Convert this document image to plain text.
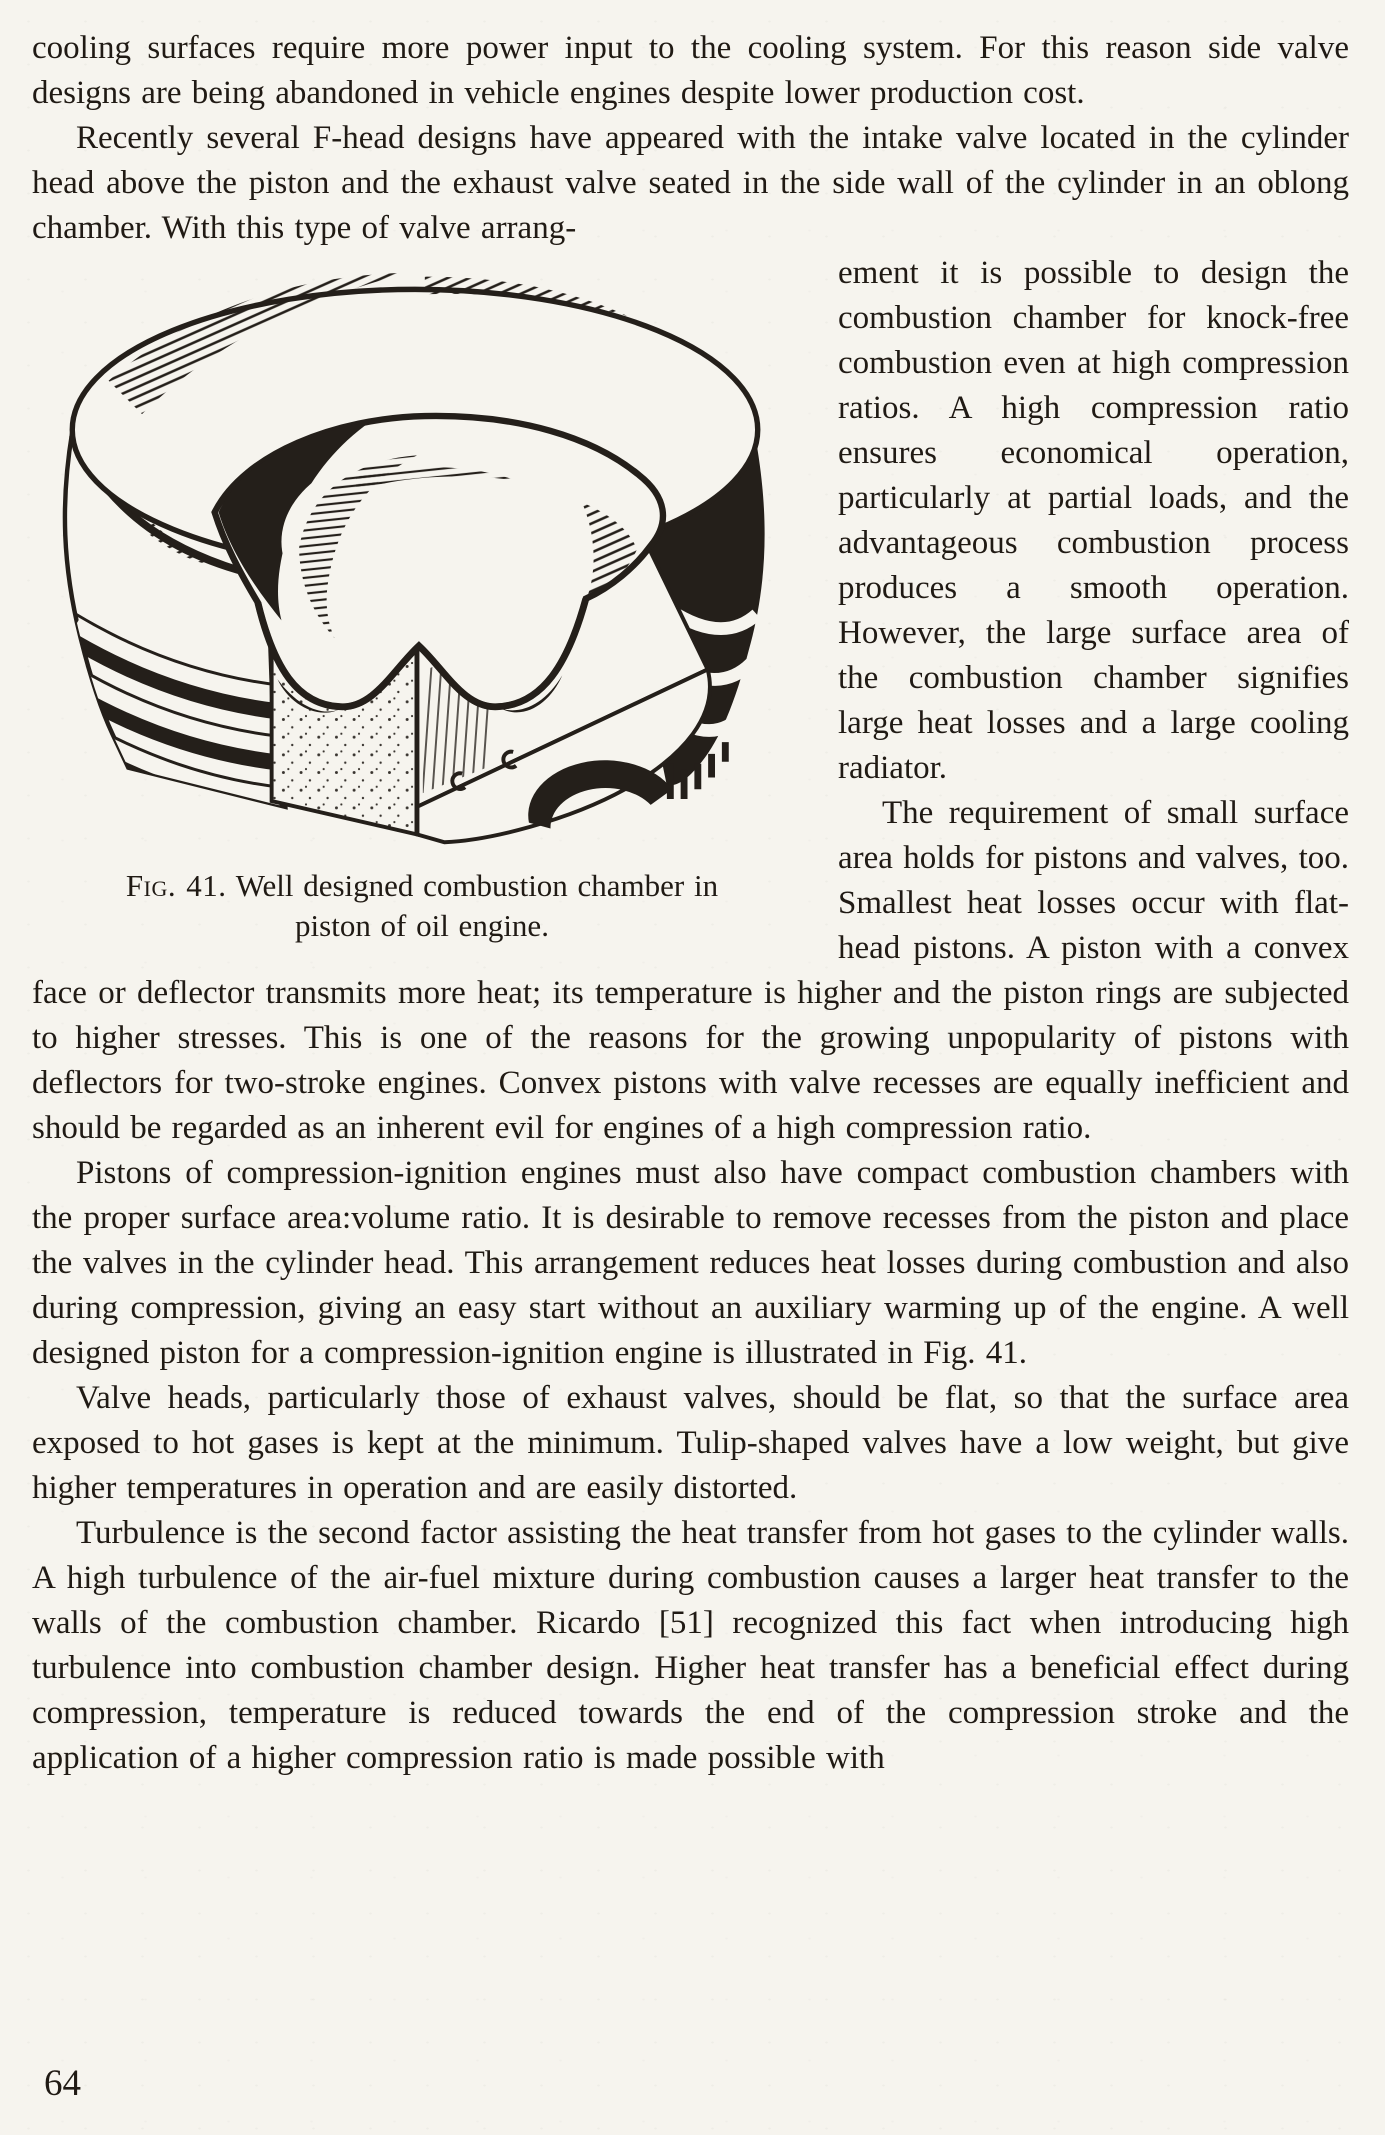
cooling surfaces require more power input to the cooling system. For this reason side valve designs are being abandoned in vehicle engines despite lower production cost.

Recently several F-head designs have appeared with the intake valve located in the cylinder head above the piston and the exhaust valve seated in the side wall of the cylinder in an oblong chamber. With this type of valve arrang-

Fig. 41. Well designed combustion chamber in piston of oil engine.

ement it is possible to design the combustion chamber for knock-free combustion even at high compression ratios. A high compression ratio ensures economical operation, particularly at partial loads, and the advantageous combustion process produces a smooth operation. However, the large surface area of the combustion chamber signifies large heat losses and a large cooling radiator.

The requirement of small surface area holds for pistons and valves, too. Smallest heat losses occur with flat-head pistons. A piston with a convex face or deflector transmits more heat; its temperature is higher and the piston rings are subjected to higher stresses. This is one of the reasons for the growing unpopularity of pistons with deflectors for two-stroke engines. Convex pistons with valve recesses are equally inefficient and should be regarded as an inherent evil for engines of a high compression ratio.

Pistons of compression-ignition engines must also have compact combustion chambers with the proper surface area:volume ratio. It is desirable to remove recesses from the piston and place the valves in the cylinder head. This arrangement reduces heat losses during combustion and also during compression, giving an easy start without an auxiliary warming up of the engine. A well designed piston for a compression-ignition engine is illustrated in Fig. 41.

Valve heads, particularly those of exhaust valves, should be flat, so that the surface area exposed to hot gases is kept at the minimum. Tulip-shaped valves have a low weight, but give higher temperatures in operation and are easily distorted.

Turbulence is the second factor assisting the heat transfer from hot gases to the cylinder walls. A high turbulence of the air-fuel mixture during combustion causes a larger heat transfer to the walls of the combustion chamber. Ricardo [51] recognized this fact when introducing high turbulence into combustion chamber design. Higher heat transfer has a beneficial effect during compression, temperature is reduced towards the end of the compression stroke and the application of a higher compression ratio is made possible with

64
